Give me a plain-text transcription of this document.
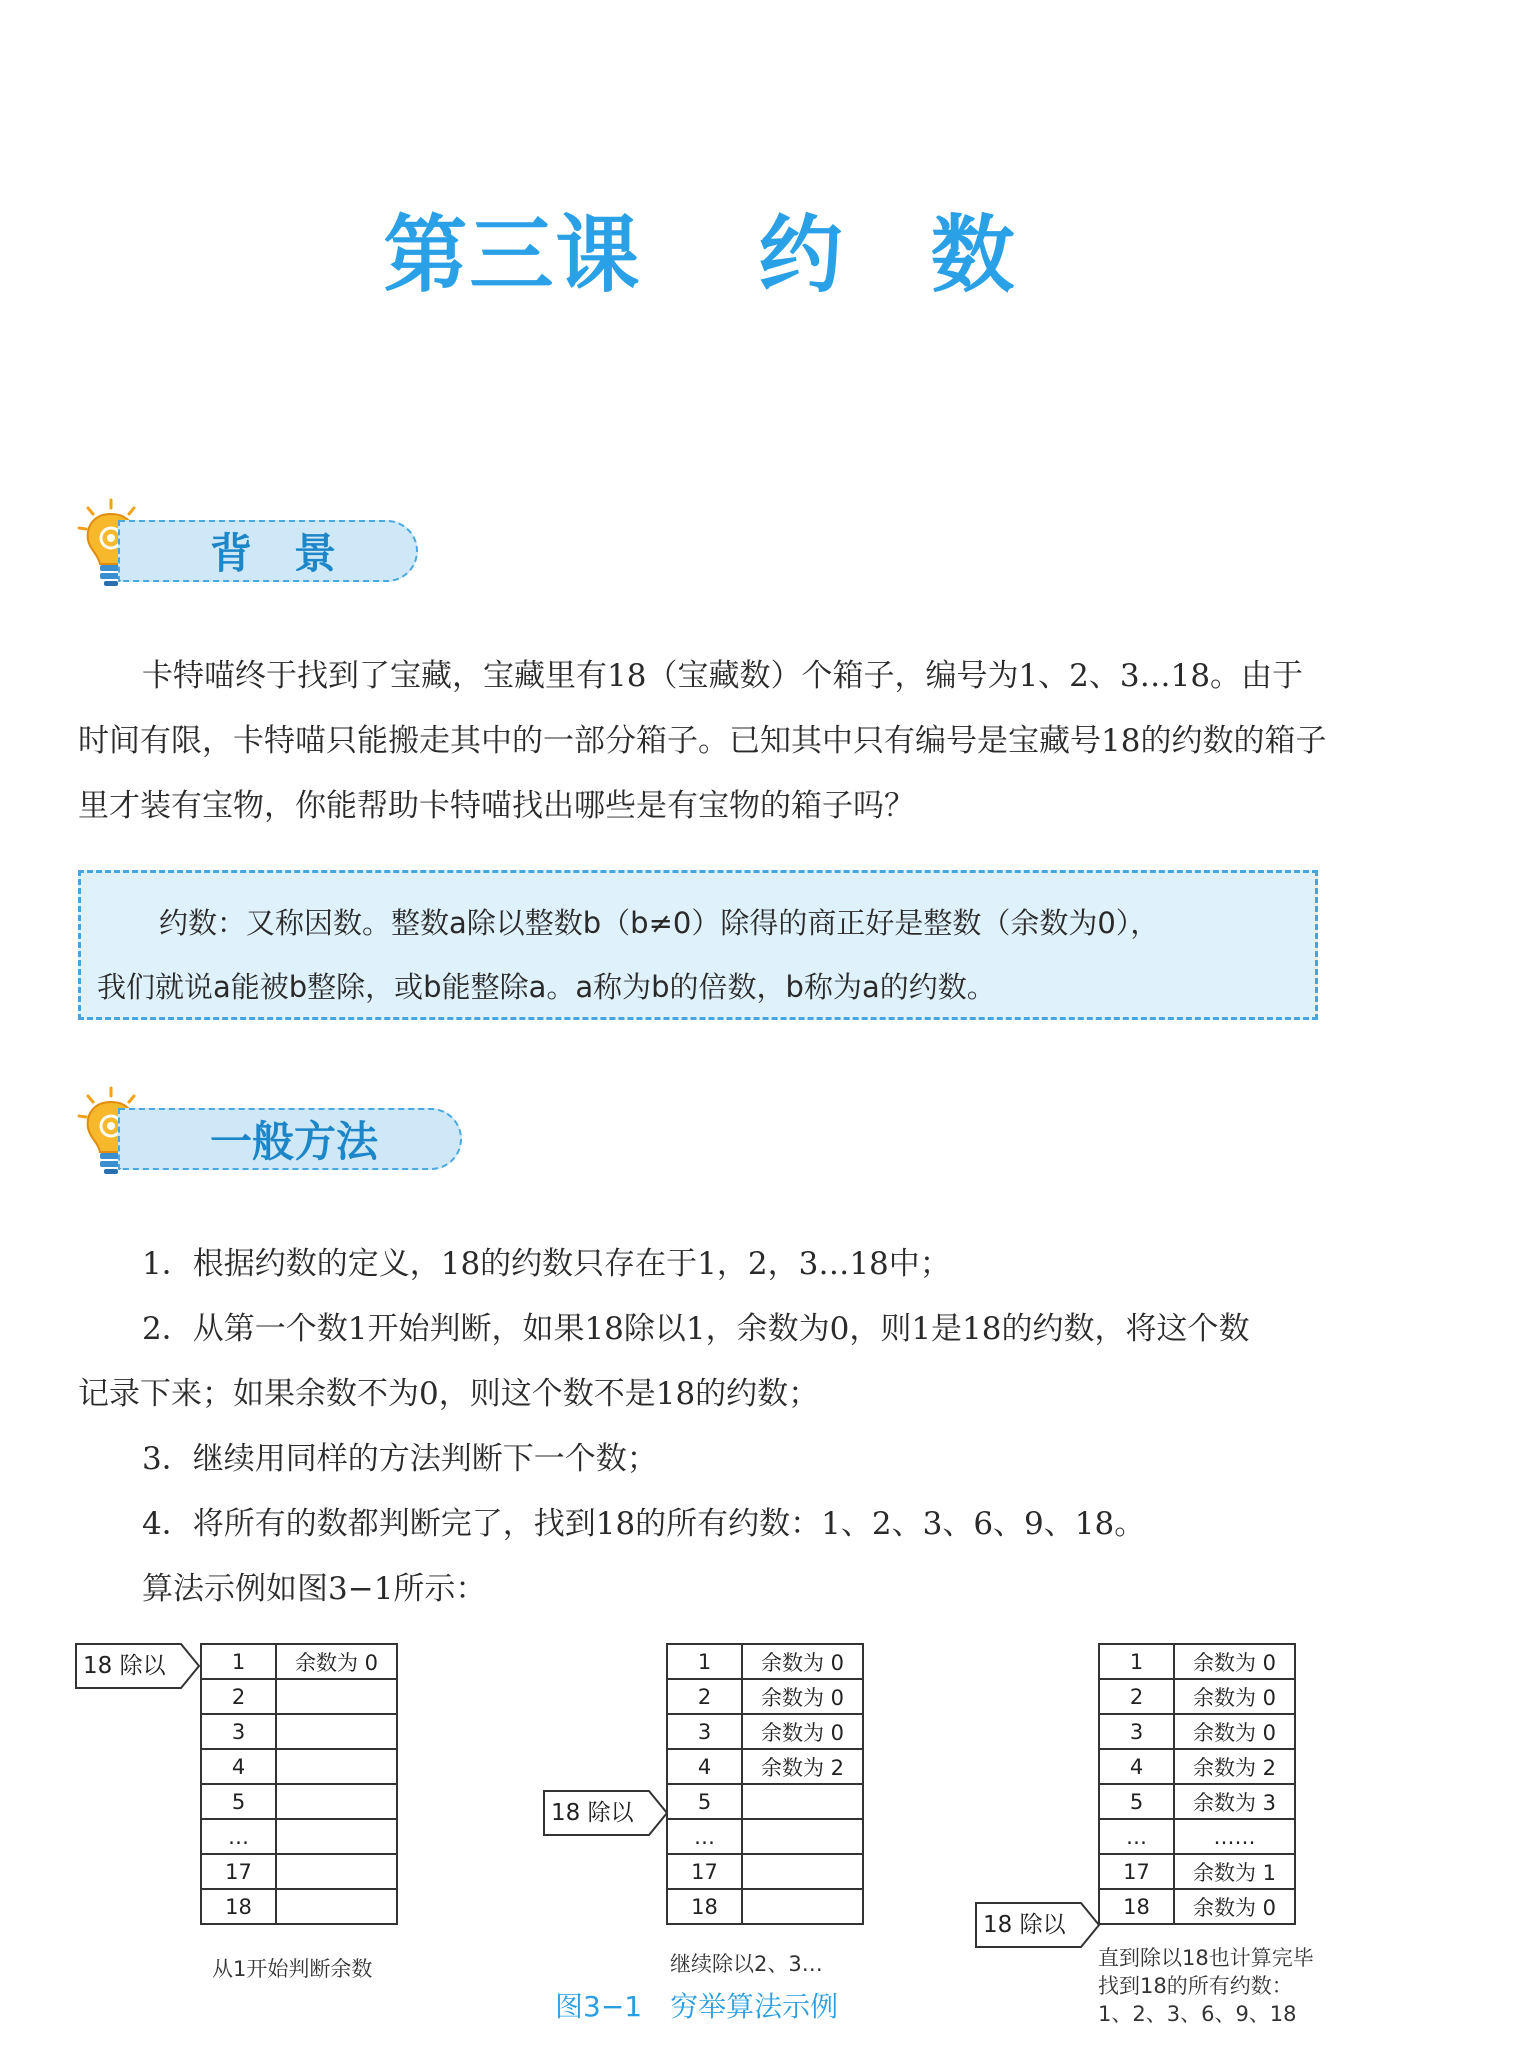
第三课　 约　数
背　景

卡特喵终于找到了宝藏，宝藏里有18（宝藏数）个箱子，编号为1、2、3…18。由于时间有限，卡特喵只能搬走其中的一部分箱子。已知其中只有编号是宝藏号18的约数的箱子里才装有宝物，你能帮助卡特喵找出哪些是有宝物的箱子吗？

约数：又称因数。整数a除以整数b（b≠0）除得的商正好是整数（余数为0），

我们就说a能被b整除，或b能整除a。a称为b的倍数，b称为a的约数。

一般方法

1．根据约数的定义，18的约数只存在于1，2，3…18中；

2．从第一个数1开始判断，如果18除以1，余数为0，则1是18的约数，将这个数

记录下来；如果余数不为0，则这个数不是18的约数；

3．继续用同样的方法判断下一个数；

4．将所有的数都判断完了，找到18的所有约数：1、2、3、6、9、18。

算法示例如图3−1所示：

18 除以	1	余数为 0
2	
3	
4	
5	
…	
17	
18	
从1开始判断余数
18 除以
1	余数为 0
2	余数为 0
3	余数为 0
4	余数为 2
5	
…	
17	
18	
继续除以2、3…
18 除以
1	余数为 0
2	余数为 0
3	余数为 0
4	余数为 2
5	余数为 3
…	……
17	余数为 1
18	余数为 0
直到除以18也计算完毕
找到18的所有约数：
1、2、3、6、9、18
图3−1　穷举算法示例
